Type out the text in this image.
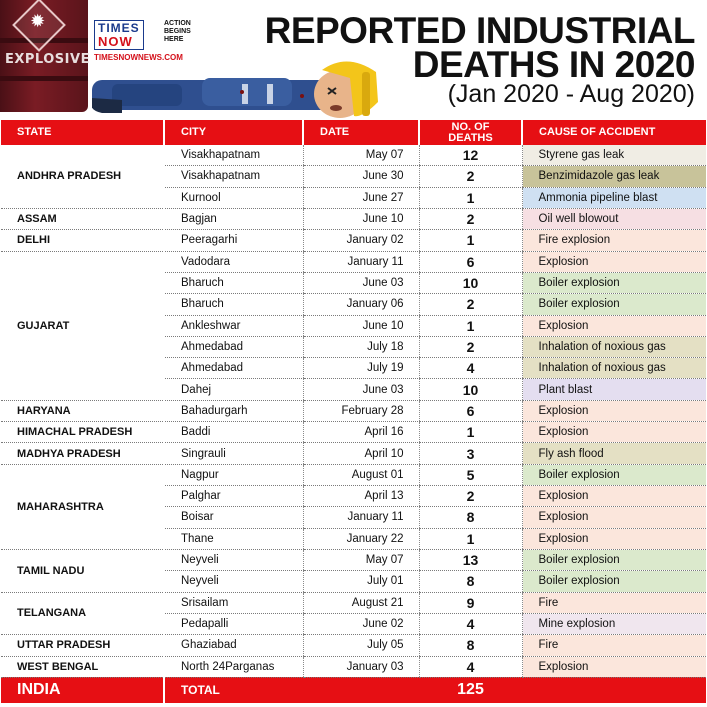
✹
EXPLOSIVE
TIMES
NOW
ACTION
BEGINS
HERE
TIMESNOWNEWS.COM
REPORTED INDUSTRIAL
DEATHS IN 2020
(Jan 2020 - Aug 2020)
STATE	CITY	DATE	NO. OF
DEATHS	CAUSE OF ACCIDENT
ANDHRA PRADESH	Visakhapatnam	May 07	12	Styrene gas leak
	Visakhapatnam	June 30	2	Benzimidazole gas leak
	Kurnool	June 27	1	Ammonia pipeline blast
ASSAM	Bagjan	June 10	2	Oil well blowout
DELHI	Peeragarhi	January 02	1	Fire explosion
GUJARAT	Vadodara	January 11	6	Explosion
	Bharuch	June 03	10	Boiler explosion
	Bharuch	January 06	2	Boiler explosion
	Ankleshwar	June 10	1	Explosion
	Ahmedabad	July 18	2	Inhalation of noxious gas
	Ahmedabad	July 19	4	Inhalation of noxious gas
	Dahej	June 03	10	Plant blast
HARYANA	Bahadurgarh	February 28	6	Explosion
HIMACHAL PRADESH	Baddi	April 16	1	Explosion
MADHYA PRADESH	Singrauli	April 10	3	Fly ash flood
MAHARASHTRA	Nagpur	August 01	5	Boiler explosion
	Palghar	April 13	2	Explosion
	Boisar	January 11	8	Explosion
	Thane	January 22	1	Explosion
TAMIL NADU	Neyveli	May 07	13	Boiler explosion
	Neyveli	July 01	8	Boiler explosion
TELANGANA	Srisailam	August 21	9	Fire
	Pedapalli	June 02	4	Mine explosion
UTTAR PRADESH	Ghaziabad	July 05	8	Fire
WEST BENGAL	North 24Parganas	January 03	4	Explosion
INDIA	TOTAL		125	
